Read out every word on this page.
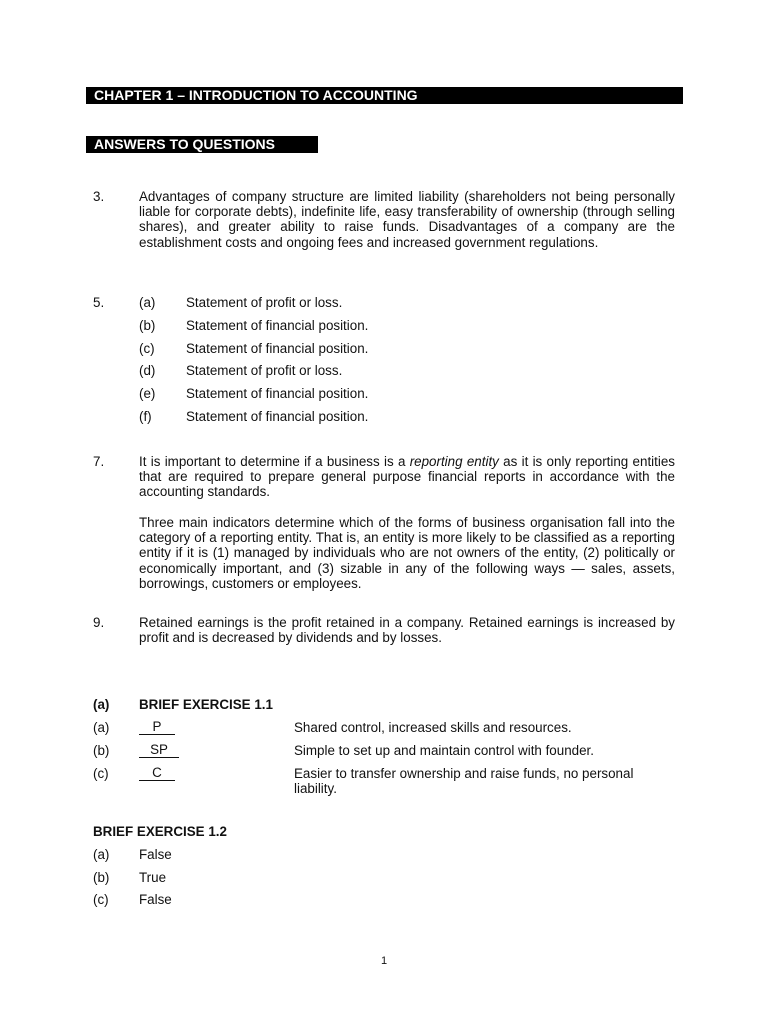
CHAPTER 1 – INTRODUCTION TO ACCOUNTING
ANSWERS TO QUESTIONS
3.	Advantages of company structure are limited liability (shareholders not being personally liable for corporate debts), indefinite life, easy transferability of ownership (through selling shares), and greater ability to raise funds. Disadvantages of a company are the establishment costs and ongoing fees and increased government regulations.
5.	(a) Statement of profit or loss.
(b) Statement of financial position.
(c) Statement of financial position.
(d) Statement of profit or loss.
(e) Statement of financial position.
(f)	Statement of financial position.
7.	It is important to determine if a business is a reporting entity as it is only reporting entities that are required to prepare general purpose financial reports in accordance with the accounting standards.
Three main indicators determine which of the forms of business organisation fall into the category of a reporting entity. That is, an entity is more likely to be classified as a reporting entity if it is (1) managed by individuals who are not owners of the entity, (2) politically or economically important, and (3) sizable in any of the following ways — sales, assets, borrowings, customers or employees.
9.	Retained earnings is the profit retained in a company. Retained earnings is increased by profit and is decreased by dividends and by losses.
(a) BRIEF EXERCISE 1.1
(a)	P	Shared control, increased skills and resources.
(b)	SP	Simple to set up and maintain control with founder.
(c)	C	Easier to transfer ownership and raise funds, no personal liability.
BRIEF EXERCISE 1.2
(a) False
(b) True
(c) False
1
